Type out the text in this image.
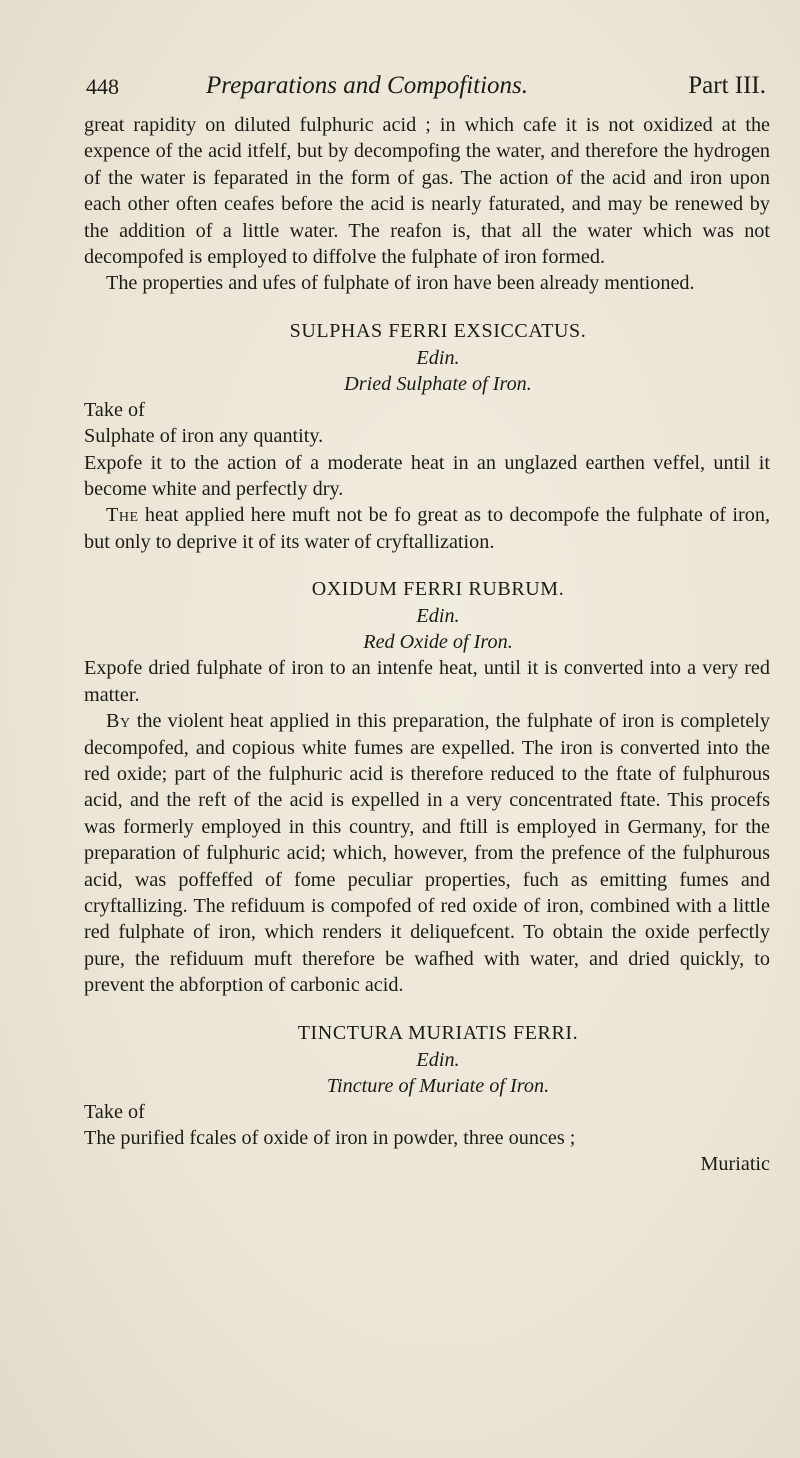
448	Preparations and Compofitions.	Part III.

great rapidity on diluted fulphuric acid ; in which cafe it is not oxidized at the expence of the acid itfelf, but by decompofing the water, and therefore the hydrogen of the water is feparated in the form of gas. The action of the acid and iron upon each other often ceafes before the acid is nearly faturated, and may be renewed by the addition of a little water. The reafon is, that all the water which was not decompofed is employed to diffolve the fulphate of iron formed.

The properties and ufes of fulphate of iron have been already mentioned.

SULPHAS FERRI EXSICCATUS.

Edin.

Dried Sulphate of Iron.

Take of

Sulphate of iron any quantity.

Expofe it to the action of a moderate heat in an unglazed earthen veffel, until it become white and perfectly dry.

The heat applied here muft not be fo great as to decompofe the fulphate of iron, but only to deprive it of its water of cryftallization.

OXIDUM FERRI RUBRUM.

Edin.

Red Oxide of Iron.

Expofe dried fulphate of iron to an intenfe heat, until it is converted into a very red matter.

By the violent heat applied in this preparation, the fulphate of iron is completely decompofed, and copious white fumes are expelled. The iron is converted into the red oxide; part of the fulphuric acid is therefore reduced to the ftate of fulphurous acid, and the reft of the acid is expelled in a very concentrated ftate. This procefs was formerly employed in this country, and ftill is employed in Germany, for the preparation of fulphuric acid; which, however, from the prefence of the fulphurous acid, was poffeffed of fome peculiar properties, fuch as emitting fumes and cryftallizing. The refiduum is compofed of red oxide of iron, combined with a little red fulphate of iron, which renders it deliquefcent. To obtain the oxide perfectly pure, the refiduum muft therefore be wafhed with water, and dried quickly, to prevent the abforption of carbonic acid.

TINCTURA MURIATIS FERRI.

Edin.

Tincture of Muriate of Iron.

Take of

The purified fcales of oxide of iron in powder, three ounces ;

Muriatic
